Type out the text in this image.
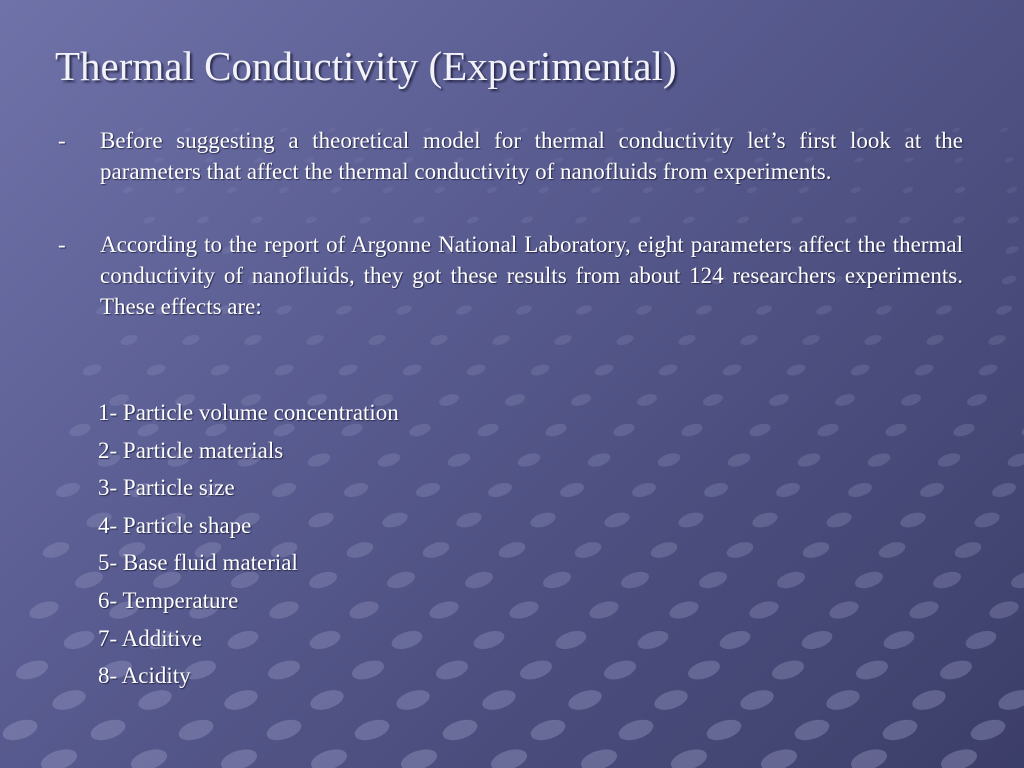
Thermal Conductivity (Experimental)
- Before suggesting a theoretical model for thermal conductivity let’s first look at the parameters that affect the thermal conductivity of nanofluids from experiments.
- According to the report of Argonne National Laboratory, eight parameters affect the thermal conductivity of nanofluids, they got these results from about 124 researchers experiments. These effects are:
1- Particle volume concentration
2- Particle materials
3- Particle size
4- Particle shape
5- Base fluid material
6- Temperature
7- Additive
8- Acidity
